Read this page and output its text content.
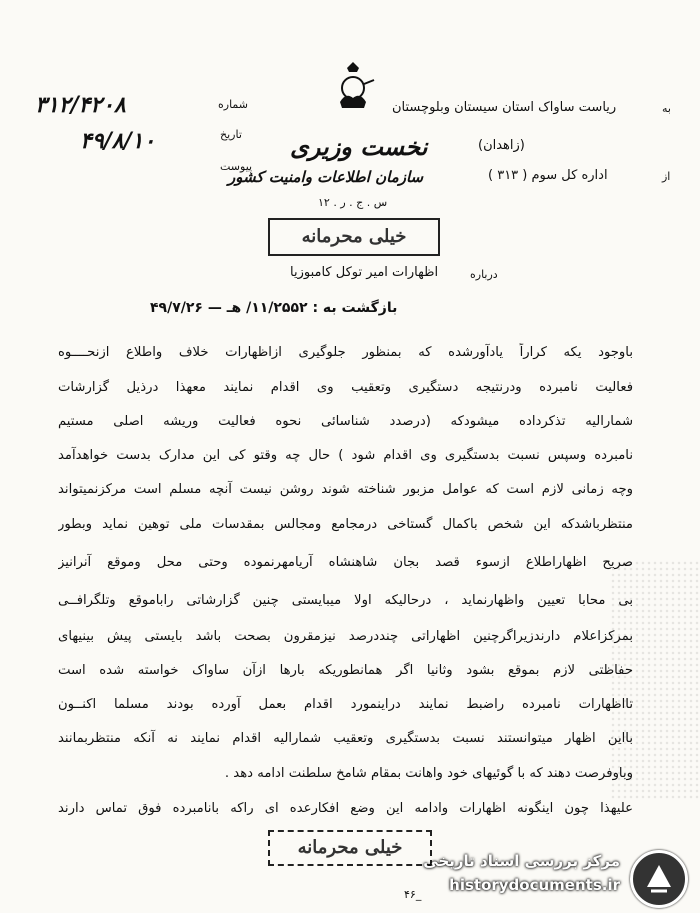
۳۱۲/۴۲۰۸	شماره
۴۹/۸/۱۰	تاریخ
پیوست
به
ریاست ساواک استان سیستان وبلوچستان
(زاهدان)
از
اداره کل سوم ( ۳۱۳ )
نخست وزیری
سازمان اطلاعات وامنیت کشور
س . ج . ر . ۱۲
خیلی محرمانه
درباره
اظهارات امیر توکل کامبوزیا
بازگشت به : ۱۱/۲۵۵۲/ هـ — ۴۹/۷/۲۶
باوجود یکه کراراً یادآورشده که بمنظور جلوگیری ازاظهارات خلاف واطلاع ازنحــــوه
فعالیت نامبرده ودرنتیجه دستگیری وتعقیب وی اقدام نمایند معهذا درذیل گزارشات
شمارالیه تذکرداده میشودکه (درصدد شناسائی نحوه فعالیت وریشه اصلی مستیم
نامبرده وسپس نسبت بدستگیری وی اقدام شود ) حال چه وقتو کی این مدارک بدست خواهدآمد
وچه زمانی لازم است که عوامل مزبور شناخته شوند روشن نیست آنچه مسلم است مرکزنمیتواند
منتظرباشدکه این شخص باکمال گستاخی درمجامع ومجالس بمقدسات ملی توهین نماید وبطور
صریح اظهاراطلاع ازسوء قصد بجان شاهنشاه آریامهرنموده وحتی محل وموقع آنرانیز
بی محابا تعیین واظهارنماید ، درحالیکه اولا میبایستی چنین گزارشاتی راباموقع وتلگرافــی
بمرکزاعلام دارندزیراگرچنین اظهاراتی چنددرصد نیزمقرون بصحت باشد بایستی پیش بینیهای
حفاظتی لازم بموقع بشود وثانیا اگر همانطوریکه بارها ازآن ساواک خواسته شده است
تااظهارات نامبرده راضبط نمایند دراینمورد اقدام بعمل آورده بودند مسلما اکنــون
بااین اظهار میتوانستند نسبت بدستگیری وتعقیب شمارالیه اقدام نمایند نه آنکه منتظربمانند
وباوفرصت دهند که با گوئیهای خود واهانت بمقام شامخ سلطنت ادامه دهد .
علیهذا چون اینگونه اظهارات وادامه این وضع افکارعده ای راکه بانامبرده فوق تماس دارند
خیلی محرمانه
۴۶_
مرکز بررسی اسناد تاریخی
historydocuments.ir
